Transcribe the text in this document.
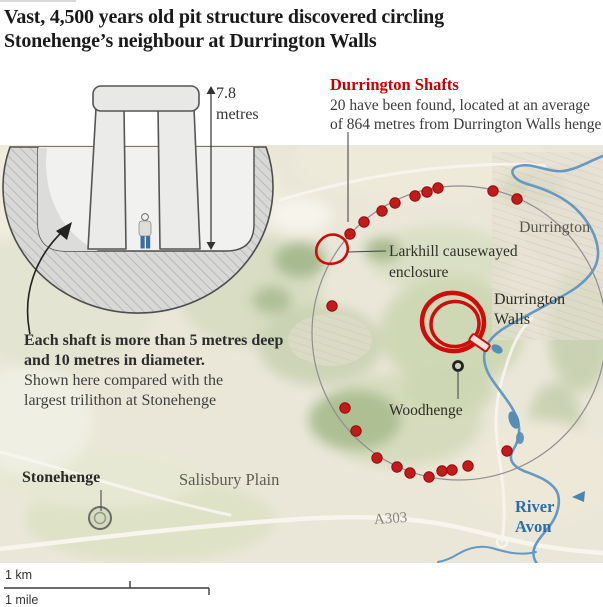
Vast, 4,500 years old pit structure discovered circling
Stonehenge’s neighbour at Durrington Walls
Durrington Shafts
20 have been found, located at an average
of 864 metres from Durrington Walls henge
7.8
metres
Each shaft is more than 5 metres deep
and 10 metres in diameter.
Shown here compared with the
largest trilithon at Stonehenge
Larkhill causewayed
enclosure
Durrington
Durrington
Walls
Woodhenge
A303
River
Avon
Stonehenge	Salisbury Plain
1 km
1 mile
